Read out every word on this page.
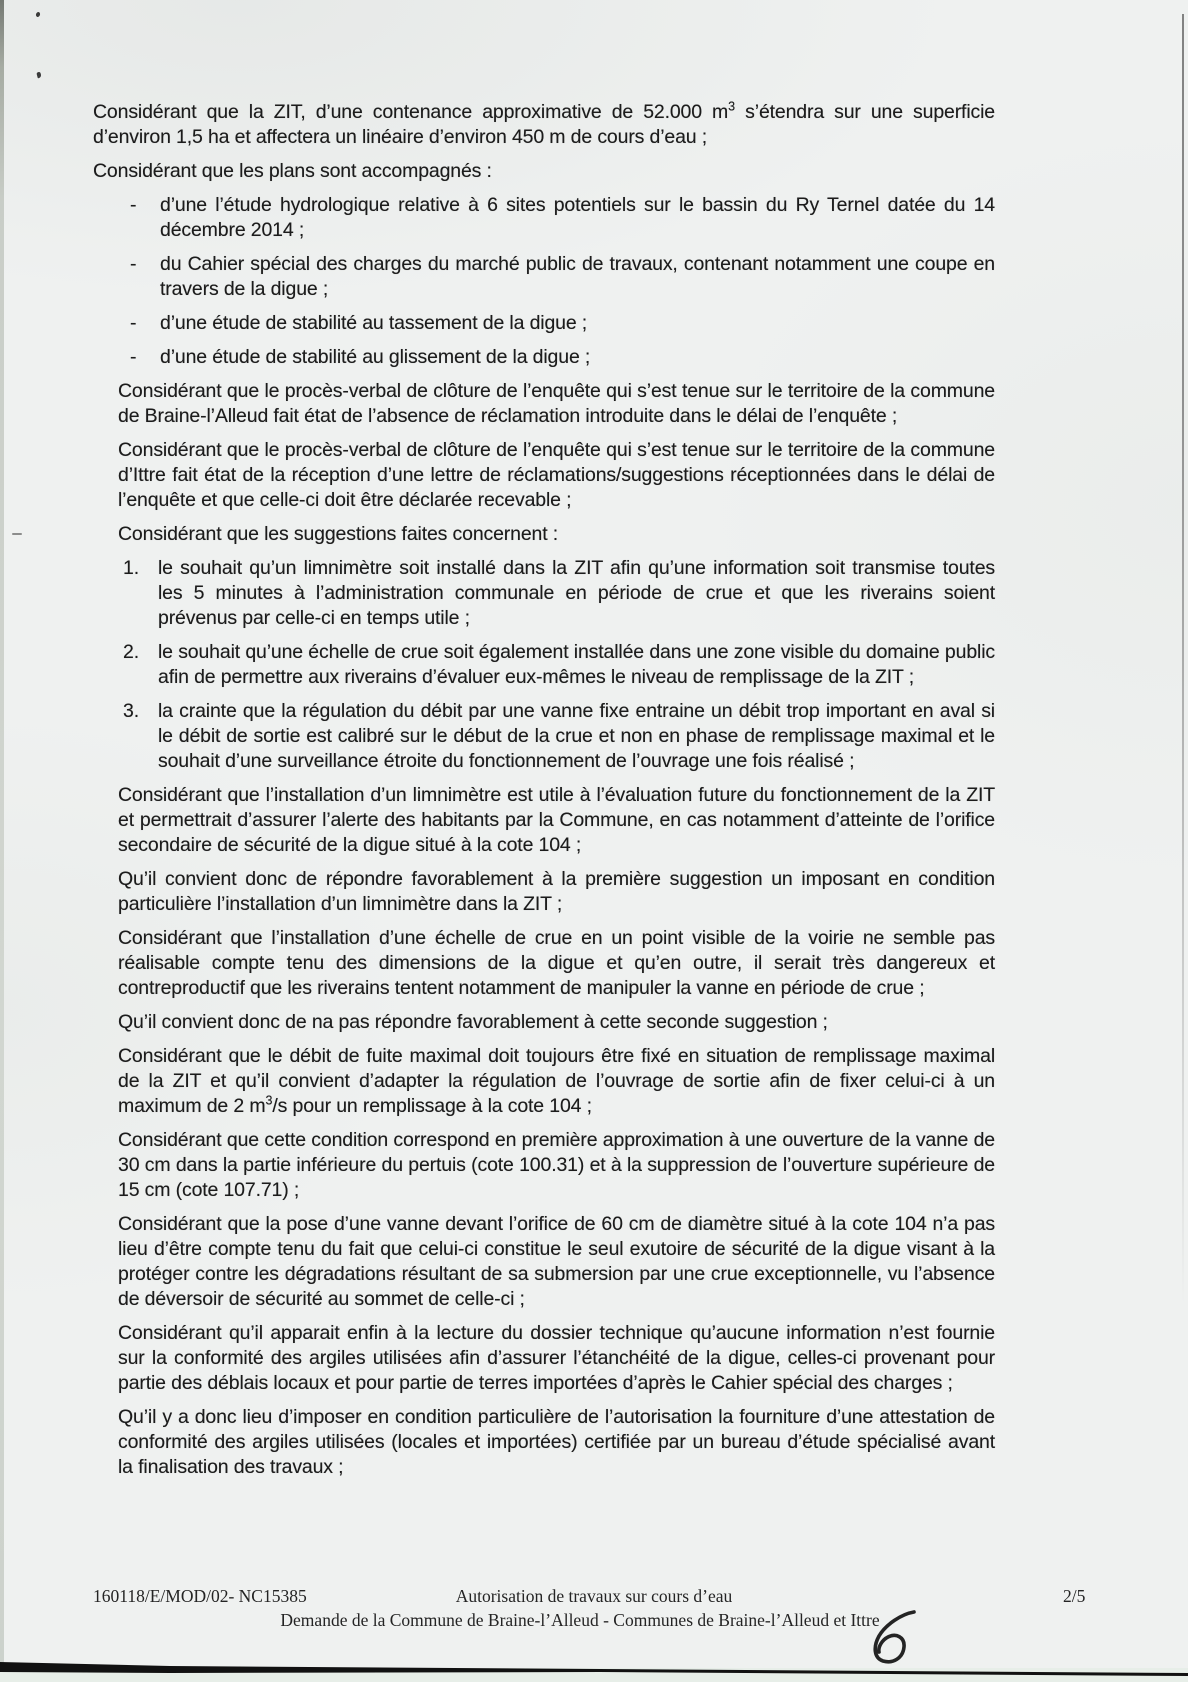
Considérant que la ZIT, d’une contenance approximative de 52.000 $m^3$ s’étendra sur une superficie d’environ 1,5 ha et affectera un linéaire d’environ 450 m de cours d’eau ;
Considérant que les plans sont accompagnés :
-	d’une l’étude hydrologique relative à 6 sites potentiels sur le bassin du Ry Ternel datée du 14 décembre 2014 ;
-	du Cahier spécial des charges du marché public de travaux, contenant notamment une coupe en travers de la digue ;
-	d’une étude de stabilité au tassement de la digue ;
-	d’une étude de stabilité au glissement de la digue ;
Considérant que le procès-verbal de clôture de l’enquête qui s’est tenue sur le territoire de la commune de Braine-l’Alleud fait état de l’absence de réclamation introduite dans le délai de l’enquête ;
Considérant que le procès-verbal de clôture de l’enquête qui s’est tenue sur le territoire de la commune d’Ittre fait état de la réception d’une lettre de réclamations/suggestions réceptionnées dans le délai de l’enquête et que celle-ci doit être déclarée recevable ;
Considérant que les suggestions faites concernent :
1. le souhait qu’un limnimètre soit installé dans la ZIT afin qu’une information soit transmise toutes les 5 minutes à l’administration communale en période de crue et que les riverains soient prévenus par celle-ci en temps utile ;
2. le souhait qu’une échelle de crue soit également installée dans une zone visible du domaine public afin de permettre aux riverains d’évaluer eux-mêmes le niveau de remplissage de la ZIT ;
3. la crainte que la régulation du débit par une vanne fixe entraine un débit trop important en aval si le débit de sortie est calibré sur le début de la crue et non en phase de remplissage maximal et le souhait d’une surveillance étroite du fonctionnement de l’ouvrage une fois réalisé ;
Considérant que l’installation d’un limnimètre est utile à l’évaluation future du fonctionnement de la ZIT et permettrait d’assurer l’alerte des habitants par la Commune, en cas notamment d’atteinte de l’orifice secondaire de sécurité de la digue situé à la cote 104 ;
Qu’il convient donc de répondre favorablement à la première suggestion un imposant en condition particulière l’installation d’un limnimètre dans la ZIT ;
Considérant que l’installation d’une échelle de crue en un point visible de la voirie ne semble pas réalisable compte tenu des dimensions de la digue et qu’en outre, il serait très dangereux et contreproductif que les riverains tentent notamment de manipuler la vanne en période de crue ;
Qu’il convient donc de na pas répondre favorablement à cette seconde suggestion ;
Considérant que le débit de fuite maximal doit toujours être fixé en situation de remplissage maximal de la ZIT et qu’il convient d’adapter la régulation de l’ouvrage de sortie afin de fixer celui-ci à un maximum de 2 $m^3/s$ pour un remplissage à la cote 104 ;
Considérant que cette condition correspond en première approximation à une ouverture de la vanne de 30 cm dans la partie inférieure du pertuis (cote 100.31) et à la suppression de l’ouverture supérieure de 15 cm (cote 107.71) ;
Considérant que la pose d’une vanne devant l’orifice de 60 cm de diamètre situé à la cote 104 n’a pas lieu d’être compte tenu du fait que celui-ci constitue le seul exutoire de sécurité de la digue visant à la protéger contre les dégradations résultant de sa submersion par une crue exceptionnelle, vu l’absence de déversoir de sécurité au sommet de celle-ci ;
Considérant qu’il apparait enfin à la lecture du dossier technique qu’aucune information n’est fournie sur la conformité des argiles utilisées afin d’assurer l’étanchéité de la digue, celles-ci provenant pour partie des déblais locaux et pour partie de terres importées d’après le Cahier spécial des charges ;
Qu’il y a donc lieu d’imposer en condition particulière de l’autorisation la fourniture d’une attestation de conformité des argiles utilisées (locales et importées) certifiée par un bureau d’étude spécialisé avant la finalisation des travaux ;
160118/E/MOD/02- NC15385	Autorisation de travaux sur cours d’eau	2/5
Demande de la Commune de Braine-l’Alleud - Communes de Braine-l’Alleud et Ittre
